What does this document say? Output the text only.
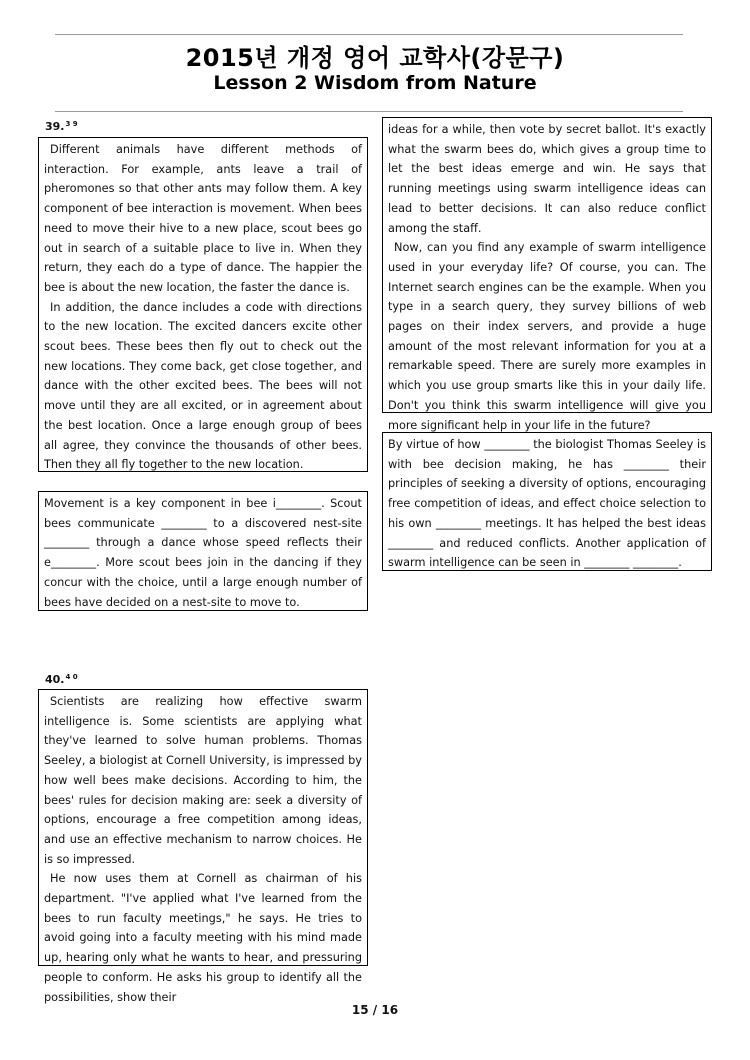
2015년 개정 영어 교학사(강문구)
Lesson 2 Wisdom from Nature
39.$^{3 9}$

Different animals have different methods of interaction. For example, ants leave a trail of pheromones so that other ants may follow them. A key component of bee interaction is movement. When bees need to move their hive to a new place, scout bees go out in search of a suitable place to live in. When they return, they each do a type of dance. The happier the bee is about the new location, the faster the dance is.

In addition, the dance includes a code with directions to the new location. The excited dancers excite other scout bees. These bees then fly out to check out the new locations. They come back, get close together, and dance with the other excited bees. The bees will not move until they are all excited, or in agreement about the best location. Once a large enough group of bees all agree, they convince the thousands of other bees. Then they all fly together to the new location.

Movement is a key component in bee i________. Scout bees communicate ________ to a discovered nest-site ________ through a dance whose speed reflects their e________. More scout bees join in the dancing if they concur with the choice, until a large enough number of bees have decided on a nest-site to move to.

40.$^{4 0}$

Scientists are realizing how effective swarm intelligence is. Some scientists are applying what they've learned to solve human problems. Thomas Seeley, a biologist at Cornell University, is impressed by how well bees make decisions. According to him, the bees' rules for decision making are: seek a diversity of options, encourage a free competition among ideas, and use an effective mechanism to narrow choices. He is so impressed.

He now uses them at Cornell as chairman of his department. "I've applied what I've learned from the bees to run faculty meetings," he says. He tries to avoid going into a faculty meeting with his mind made up, hearing only what he wants to hear, and pressuring people to conform. He asks his group to identify all the possibilities, show their

ideas for a while, then vote by secret ballot. It's exactly what the swarm bees do, which gives a group time to let the best ideas emerge and win. He says that running meetings using swarm intelligence ideas can lead to better decisions. It can also reduce conflict among the staff.

Now, can you find any example of swarm intelligence used in your everyday life? Of course, you can. The Internet search engines can be the example. When you type in a search query, they survey billions of web pages on their index servers, and provide a huge amount of the most relevant information for you at a remarkable speed. There are surely more examples in which you use group smarts like this in your daily life. Don't you think this swarm intelligence will give you more significant help in your life in the future?

By virtue of how ________ the biologist Thomas Seeley is with bee decision making, he has ________ their principles of seeking a diversity of options, encouraging free competition of ideas, and effect choice selection to his own ________ meetings. It has helped the best ideas ________ and reduced conflicts. Another application of swarm intelligence can be seen in ________ ________.

15 / 16
